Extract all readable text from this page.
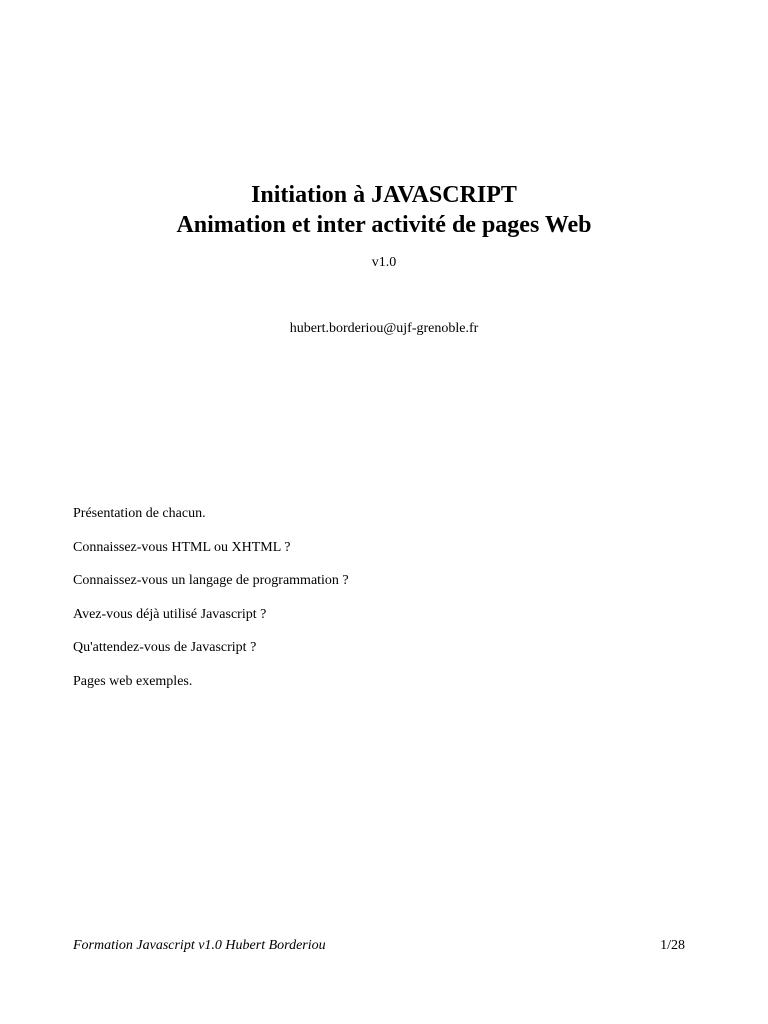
Initiation à JAVASCRIPT

Animation et inter activité de pages Web

v1.0
hubert.borderiou@ujf-grenoble.fr
Présentation de chacun.
Connaissez-vous HTML ou XHTML ?
Connaissez-vous un langage de programmation ?
Avez-vous déjà utilisé Javascript ?
Qu'attendez-vous de Javascript ?
Pages web exemples.
Formation Javascript v1.0 Hubert Borderiou	1/28
